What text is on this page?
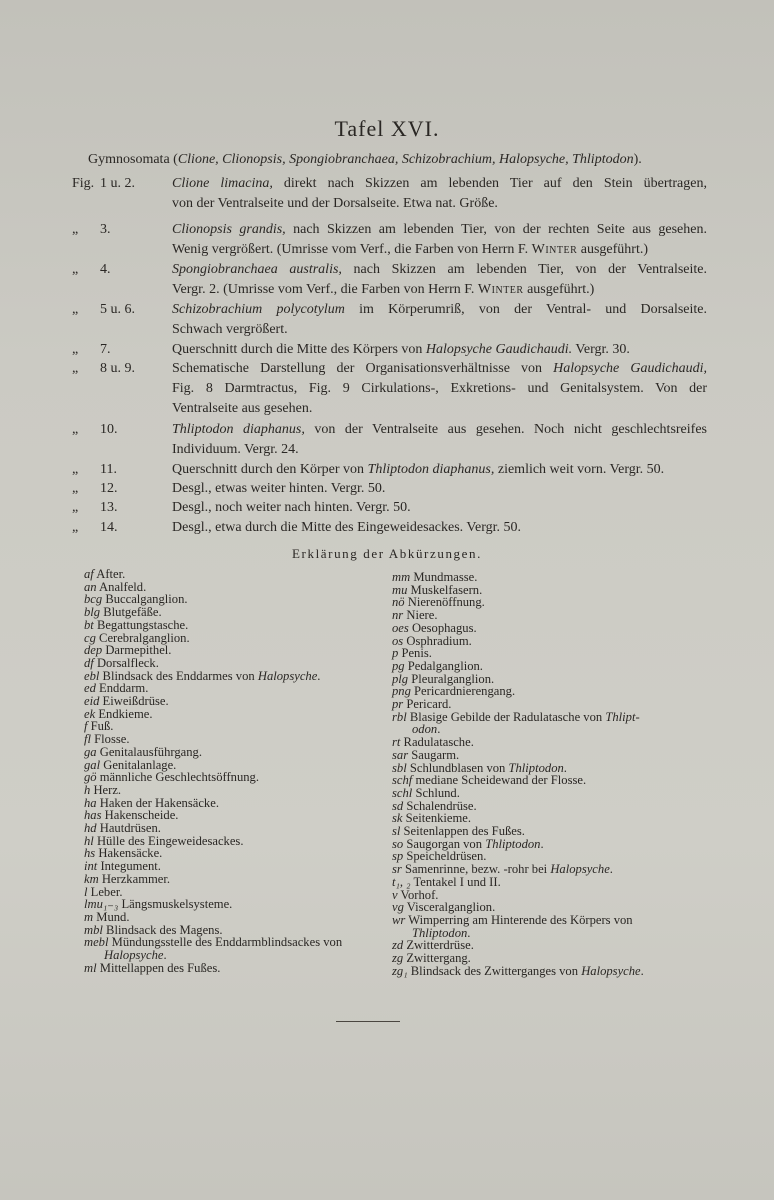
Tafel XVI.
Gymnosomata (Clione, Clionopsis, Spongiobranchaea, Schizobrachium, Halopsyche, Thliptodon).
Fig. 1 u. 2.	Clione limacina, direkt nach Skizzen am lebenden Tier auf den Stein übertragen,
von der Ventralseite und der Dorsalseite. Etwa nat. Größe.
„	3.	Clionopsis grandis, nach Skizzen am lebenden Tier, von der rechten Seite aus gesehen.
Wenig vergrößert. (Umrisse vom Verf., die Farben von Herrn F. Winter ausgeführt.)
„	4.	Spongiobranchaea australis, nach Skizzen am lebenden Tier, von der Ventralseite.
Vergr. 2. (Umrisse vom Verf., die Farben von Herrn F. Winter ausgeführt.)
„	5 u. 6.	Schizobrachium polycotylum im Körperumriß, von der Ventral- und Dorsalseite.
Schwach vergrößert.
„	7.	Querschnitt durch die Mitte des Körpers von Halopsyche Gaudichaudi. Vergr. 30.
„	8 u. 9.	Schematische Darstellung der Organisationsverhältnisse von Halopsyche Gaudichaudi,
Fig. 8 Darmtractus, Fig. 9 Cirkulations-, Exkretions- und Genitalsystem. Von der
Ventralseite aus gesehen.
„	10.	Thliptodon diaphanus, von der Ventralseite aus gesehen. Noch nicht geschlechtsreifes
Individuum. Vergr. 24.
„	11.	Querschnitt durch den Körper von Thliptodon diaphanus, ziemlich weit vorn. Vergr. 50.
„	12.	Desgl., etwas weiter hinten. Vergr. 50.
„	13.	Desgl., noch weiter nach hinten. Vergr. 50.
„	14.	Desgl., etwa durch die Mitte des Eingeweidesackes. Vergr. 50.
Erklärung der Abkürzungen.
af After.
an Analfeld.
bcg Buccalganglion.
blg Blutgefäße.
bt Begattungstasche.
cg Cerebralganglion.
dep Darmepithel.
df Dorsalfleck.
ebl Blindsack des Enddarmes von Halopsyche.
ed Enddarm.
eid Eiweißdrüse.
ek Endkieme.
f Fuß.
fl Flosse.
ga Genitalausführgang.
gal Genitalanlage.
gö männliche Geschlechtsöffnung.
h Herz.
ha Haken der Hakensäcke.
has Hakenscheide.
hd Hautdrüsen.
hl Hülle des Eingeweidesackes.
hs Hakensäcke.
int Integument.
km Herzkammer.
l Leber.
lmu₁₋₃ Längsmuskelsysteme.
m Mund.
mbl Blindsack des Magens.
mebl Mündungsstelle des Enddarmblindsackes von
Halopsyche.
ml Mittellappen des Fußes.
mm Mundmasse.
mu Muskelfasern.
nö Nierenöffnung.
nr Niere.
oes Oesophagus.
os Osphradium.
p Penis.
pg Pedalganglion.
plg Pleuralganglion.
png Pericardnierengang.
pr Pericard.
rbl Blasige Gebilde der Radulatasche von Thlipt-
odon.
rt Radulatasche.
sar Saugarm.
sbl Schlundblasen von Thliptodon.
schf mediane Scheidewand der Flosse.
schl Schlund.
sd Schalendrüse.
sk Seitenkieme.
sl Seitenlappen des Fußes.
so Saugorgan von Thliptodon.
sp Speicheldrüsen.
sr Samenrinne, bezw. -rohr bei Halopsyche.
t₁, ₂ Tentakel I und II.
v Vorhof.
vg Visceralganglion.
wr Wimperring am Hinterende des Körpers von
Thliptodon.
zd Zwitterdrüse.
zg Zwittergang.
zg₁ Blindsack des Zwitterganges von Halopsyche.
